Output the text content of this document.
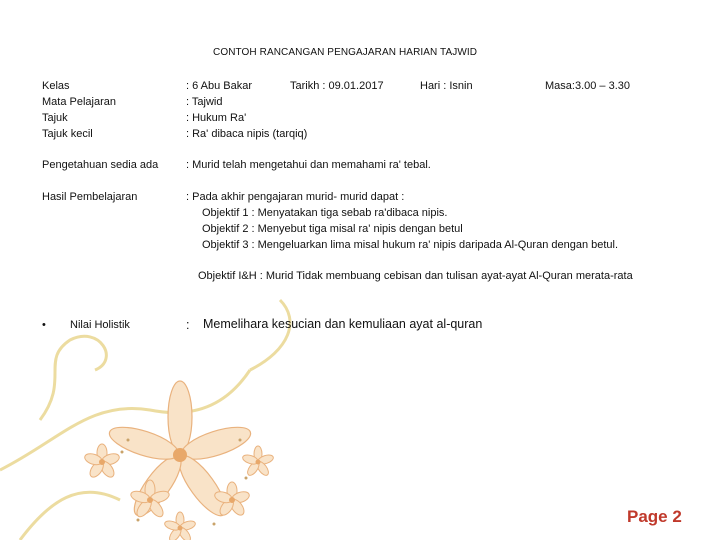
CONTOH RANCANGAN PENGAJARAN HARIAN TAJWID
Kelas	: 6 Abu Bakar	Tarikh : 09.01.2017	Hari : Isnin	Masa:3.00 – 3.30
Mata Pelajaran	: Tajwid
Tajuk	: Hukum Ra'
Tajuk kecil	: Ra' dibaca nipis (tarqiq)
Pengetahuan sedia ada	: Murid telah mengetahui dan memahami ra' tebal.
Hasil Pembelajaran	: Pada akhir pengajaran murid- murid dapat :
Objektif 1 : Menyatakan tiga sebab ra'dibaca nipis.
Objektif 2 : Menyebut tiga misal ra' nipis dengan betul
Objektif 3 : Mengeluarkan lima misal hukum ra' nipis daripada Al-Quran dengan betul.
Objektif I&H : Murid Tidak membuang cebisan dan tulisan ayat-ayat Al-Quran merata-rata
• Nilai Holistik	: Memelihara kesucian dan kemuliaan ayat al-quran
Page 2
